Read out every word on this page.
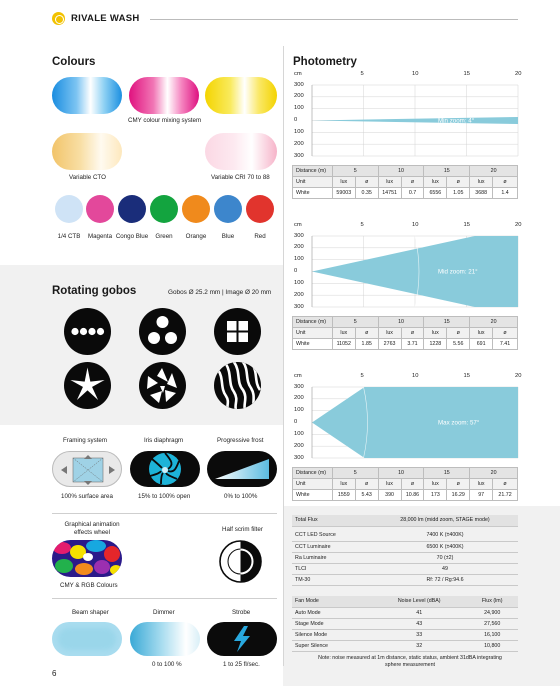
RIVALE WASH
Colours
CMY colour mixing system
Variable CTO	Variable CRI 70 to 88
1/4 CTB Magenta Congo Blue Green Orange Blue	Red
Rotating gobos	Gobos Ø 25.2 mm | Image Ø 20 mm
Framing system	Iris diaphragm	Progressive frost
100% surface area	15% to 100% open	0% to 100%
Graphical animation effects wheel	Half scrim filter
CMY & RGB Colours
Beam shaper	Dimmer	Strobe
0 to 100 %	1 to 25 fl/sec.
Photometry
Min zoom: 4°
cm	5	10	15	20
300
200
100
0
100
200
300
Distance (m)	5		10		15		20	
Unit	lux	ø	lux	ø	lux	ø	lux	ø
White	59003	0.35	14751	0.7	6556	1.05	3688	1.4
Mid zoom: 21°
cm	5	10	15	20
300
200
100
0
100
200
300
Distance (m)	5		10		15		20	
Unit	lux	ø	lux	ø	lux	ø	lux	ø
White	11052	1.85	2763	3.71	1228	5.56	691	7.41
Max zoom: 57°
cm	5	10	15	20
300
200
100
0
100
200
300
Distance (m)	5		10		15		20	
Unit	lux	ø	lux	ø	lux	ø	lux	ø
White	1559	5.43	390	10.86	173	16.29	97	21.72
Total Flux	28,000 lm (midd zoom, STAGE mode)

CCT LED Source	7400 K (±400K)
CCT Luminaire	6500 K (±400K)
Ra Luminaire	70 (±2)
TLCI	49
TM-30	Rf: 72 / Rg:94.6
Fan Mode	Noise Level (dBA)	Flux (lm)
Auto Mode	41	24,900
Stage Mode	43	27,560
Silence Mode	33	16,100
Super Silence	32	10,800
Note: noise measured at 1m distance, static status, ambient 31dBA integrating sphere measurement
6
